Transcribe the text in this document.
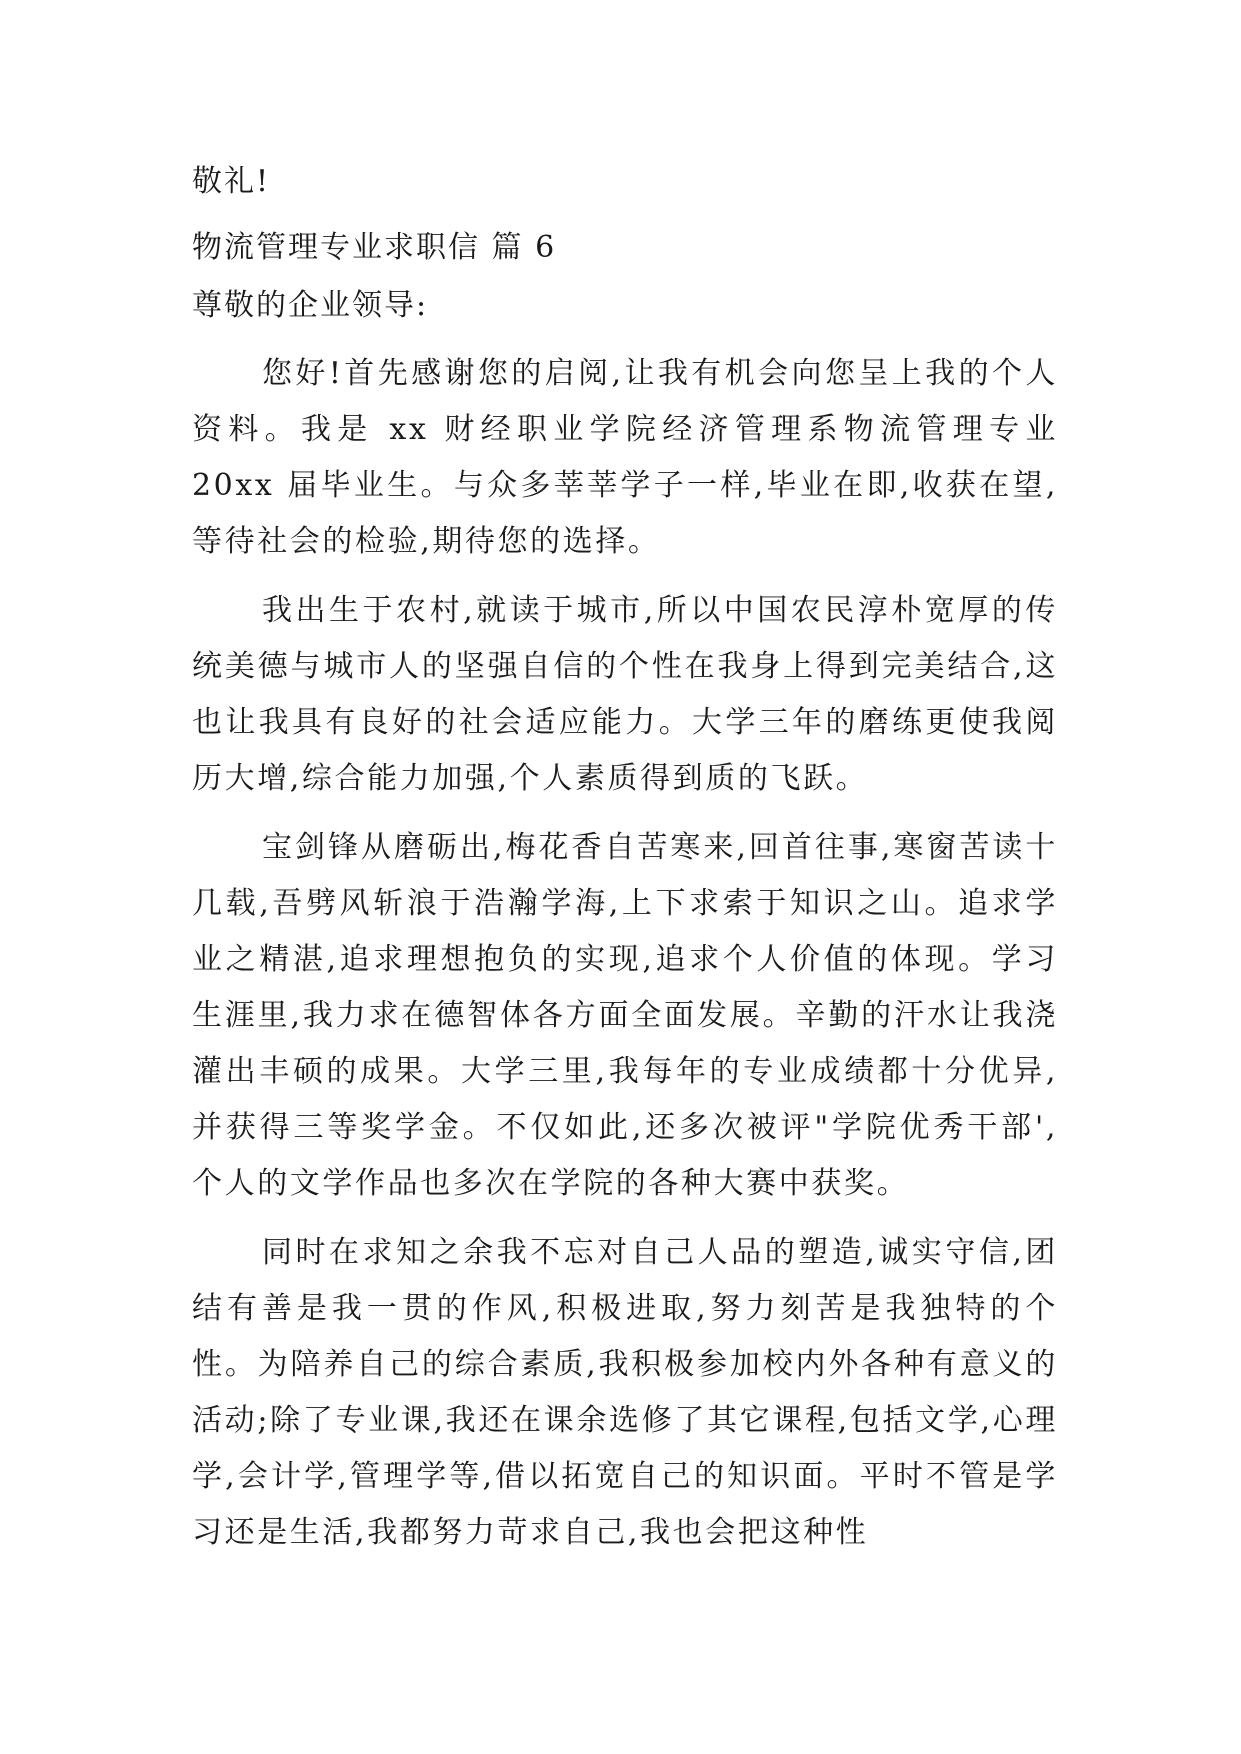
敬礼!

物流管理专业求职信 篇 6

尊敬的企业领导:

您好!首先感谢您的启阅,让我有机会向您呈上我的个人资料。我是 xx 财经职业学院经济管理系物流管理专业 20xx 届毕业生。与众多莘莘学子一样,毕业在即,收获在望,等待社会的检验,期待您的选择。

我出生于农村,就读于城市,所以中国农民淳朴宽厚的传统美德与城市人的坚强自信的个性在我身上得到完美结合,这也让我具有良好的社会适应能力。大学三年的磨练更使我阅历大增,综合能力加强,个人素质得到质的飞跃。

宝剑锋从磨砺出,梅花香自苦寒来,回首往事,寒窗苦读十几载,吾劈风斩浪于浩瀚学海,上下求索于知识之山。追求学业之精湛,追求理想抱负的实现,追求个人价值的体现。学习生涯里,我力求在德智体各方面全面发展。辛勤的汗水让我浇灌出丰硕的成果。大学三里,我每年的专业成绩都十分优异,并获得三等奖学金。不仅如此,还多次被评"学院优秀干部',个人的文学作品也多次在学院的各种大赛中获奖。

同时在求知之余我不忘对自己人品的塑造,诚实守信,团结有善是我一贯的作风,积极进取,努力刻苦是我独特的个性。为陪养自己的综合素质,我积极参加校内外各种有意义的活动;除了专业课,我还在课余选修了其它课程,包括文学,心理学,会计学,管理学等,借以拓宽自己的知识面。平时不管是学习还是生活,我都努力苛求自己,我也会把这种性
